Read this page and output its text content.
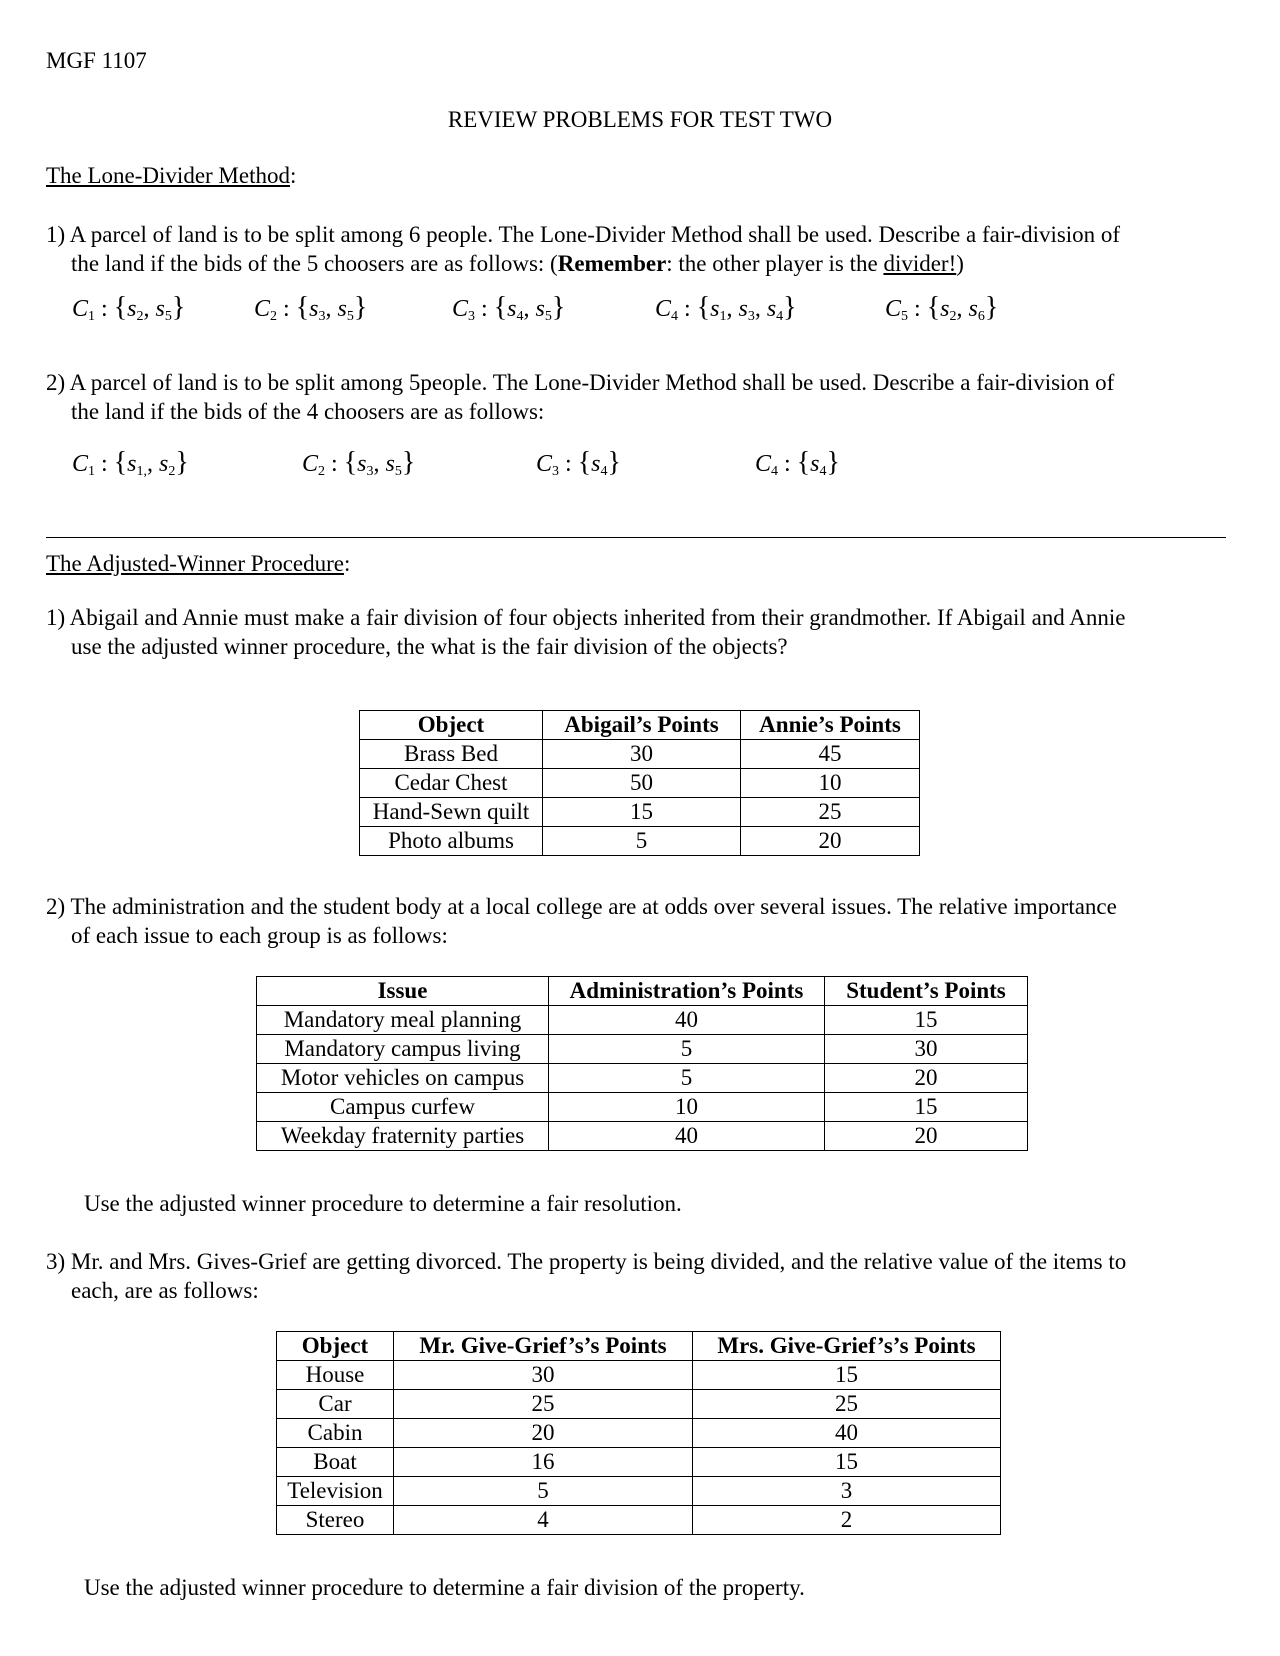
MGF 1107
REVIEW PROBLEMS FOR TEST TWO
The Lone-Divider Method:
1) A parcel of land is to be split among 6 people. The Lone-Divider Method shall be used. Describe a fair-division of
the land if the bids of the 5 choosers are as follows: (Remember: the other player is the divider!)
$C_1$ : {$s_2$, $s_5$}	$C_2$ : {$s_3$, $s_5$}	$C_3$ : {$s_4$, $s_5$}	$C_4$ : {$s_1$, $s_3$, $s_4$}	$C_5$ : {$s_2$, $s_6$}
2) A parcel of land is to be split among 5people. The Lone-Divider Method shall be used. Describe a fair-division of
the land if the bids of the 4 choosers are as follows:
$C_1$ : {$s_{1,}$, $s_2$}	$C_2$ : {$s_3$, $s_5$}	$C_3$ : $\{s_4\}$	$C_4$ : $\{s_4\}$
The Adjusted-Winner Procedure:
1) Abigail and Annie must make a fair division of four objects inherited from their grandmother. If Abigail and Annie
use the adjusted winner procedure, the what is the fair division of the objects?
Object	Abigail’s Points	Annie’s Points
Brass Bed	30	45
Cedar Chest	50	10
Hand-Sewn quilt	15	25
Photo albums	5	20
2) The administration and the student body at a local college are at odds over several issues. The relative importance
of each issue to each group is as follows:
Issue	Administration’s Points	Student’s Points
Mandatory meal planning	40	15
Mandatory campus living	5	30
Motor vehicles on campus	5	20
Campus curfew	10	15
Weekday fraternity parties	40	20
Use the adjusted winner procedure to determine a fair resolution.
3) Mr. and Mrs. Gives-Grief are getting divorced. The property is being divided, and the relative value of the items to
each, are as follows:
Object	Mr. Give-Grief’s’s Points	Mrs. Give-Grief’s’s Points
House	30	15
Car	25	25
Cabin	20	40
Boat	16	15
Television	5	3
Stereo	4	2
Use the adjusted winner procedure to determine a fair division of the property.
